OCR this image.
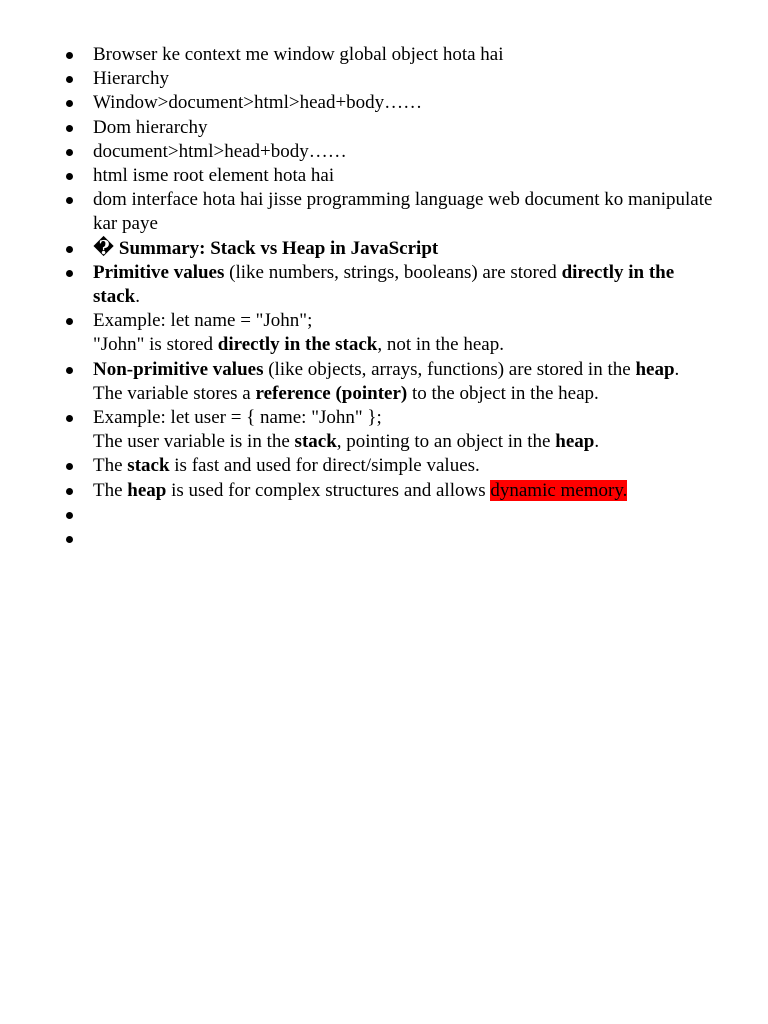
Browser ke context me window global object hota hai
Hierarchy
Window>document>html>head+body……
Dom hierarchy
document>html>head+body……
html isme root element hota hai
dom interface hota hai jisse programming language web document ko manipulate kar paye
� Summary: Stack vs Heap in JavaScript
Primitive values (like numbers, strings, booleans) are stored directly in the stack.
Example: let name = "John";
"John" is stored directly in the stack, not in the heap.
Non-primitive values (like objects, arrays, functions) are stored in the heap.
The variable stores a reference (pointer) to the object in the heap.
Example: let user = { name: "John" };
The user variable is in the stack, pointing to an object in the heap.
The stack is fast and used for direct/simple values.
The heap is used for complex structures and allows dynamic memory.
